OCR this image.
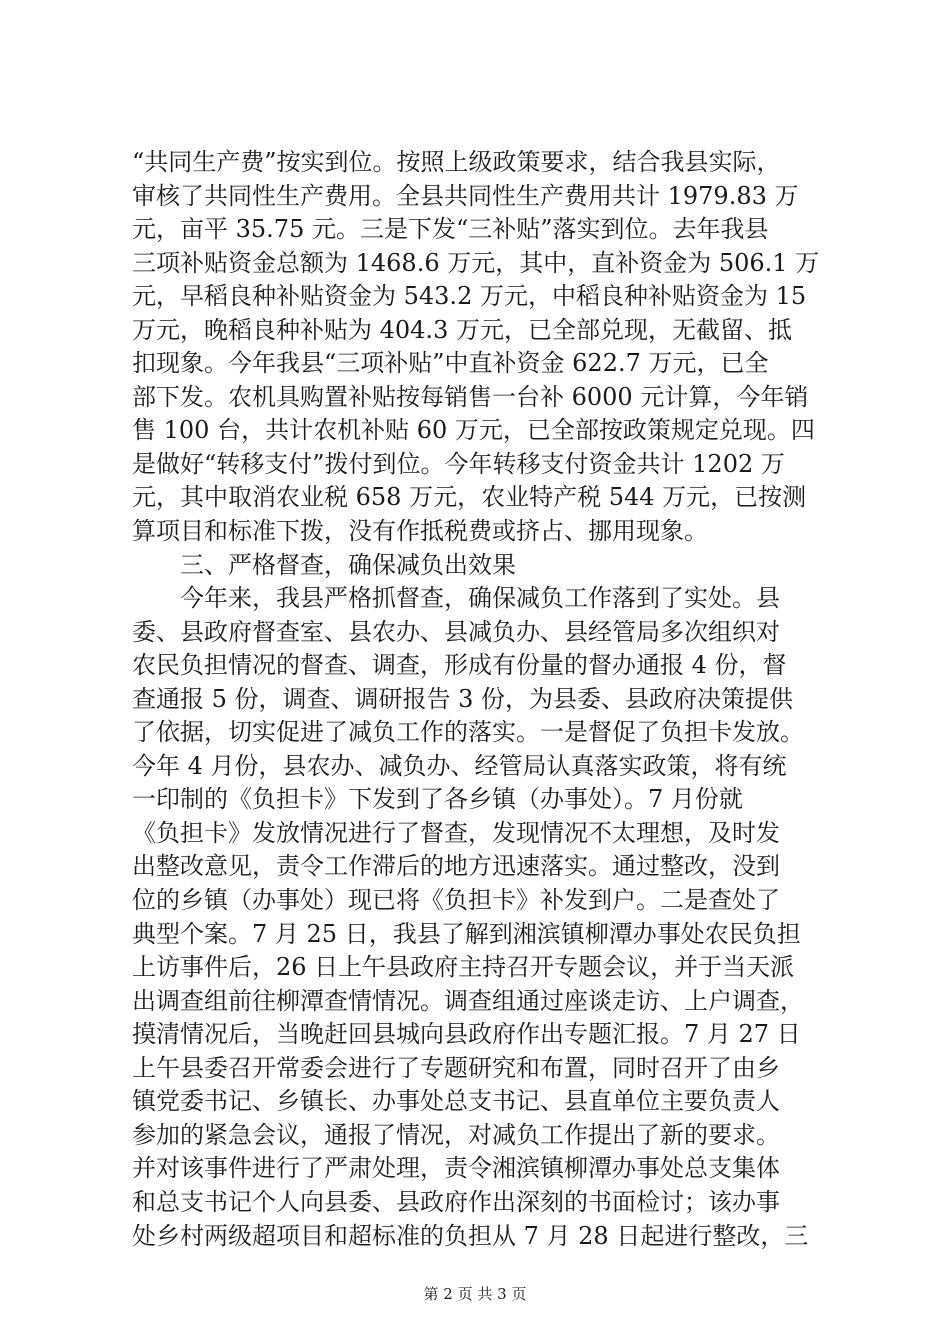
“共同生产费”按实到位。按照上级政策要求，结合我县实际，
审核了共同性生产费用。全县共同性生产费用共计 1979.83 万
元，亩平 35.75 元。三是下发“三补贴”落实到位。去年我县
三项补贴资金总额为 1468.6 万元，其中，直补资金为 506.1 万
元，早稻良种补贴资金为 543.2 万元，中稻良种补贴资金为 15
万元，晚稻良种补贴为 404.3 万元，已全部兑现，无截留、抵
扣现象。今年我县“三项补贴”中直补资金 622.7 万元，已全
部下发。农机具购置补贴按每销售一台补 6000 元计算，今年销
售 100 台，共计农机补贴 60 万元，已全部按政策规定兑现。四
是做好“转移支付”拨付到位。今年转移支付资金共计 1202 万
元，其中取消农业税 658 万元，农业特产税 544 万元，已按测
算项目和标准下拨，没有作抵税费或挤占、挪用现象。
三、严格督查，确保减负出效果
今年来，我县严格抓督查，确保减负工作落到了实处。县
委、县政府督查室、县农办、县减负办、县经管局多次组织对
农民负担情况的督查、调查，形成有份量的督办通报 4 份，督
查通报 5 份，调查、调研报告 3 份，为县委、县政府决策提供
了依据，切实促进了减负工作的落实。一是督促了负担卡发放。
今年 4 月份，县农办、减负办、经管局认真落实政策，将有统
一印制的《负担卡》下发到了各乡镇（办事处）。7 月份就
《负担卡》发放情况进行了督查，发现情况不太理想，及时发
出整改意见，责令工作滞后的地方迅速落实。通过整改，没到
位的乡镇（办事处）现已将《负担卡》补发到户。二是查处了
典型个案。7 月 25 日，我县了解到湘滨镇柳潭办事处农民负担
上访事件后，26 日上午县政府主持召开专题会议，并于当天派
出调查组前往柳潭查情情况。调查组通过座谈走访、上户调查，
摸清情况后，当晚赶回县城向县政府作出专题汇报。7 月 27 日
上午县委召开常委会进行了专题研究和布置，同时召开了由乡
镇党委书记、乡镇长、办事处总支书记、县直单位主要负责人
参加的紧急会议，通报了情况，对减负工作提出了新的要求。
并对该事件进行了严肃处理，责令湘滨镇柳潭办事处总支集体
和总支书记个人向县委、县政府作出深刻的书面检讨；该办事
处乡村两级超项目和超标准的负担从 7 月 28 日起进行整改，三
第 2 页 共 3 页
